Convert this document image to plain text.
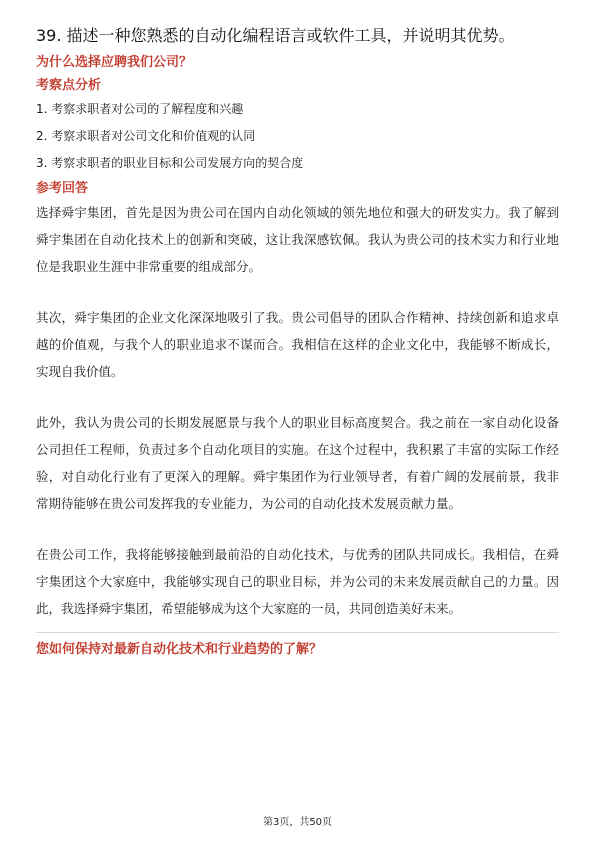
39. 描述一种您熟悉的自动化编程语言或软件工具，并说明其优势。
为什么选择应聘我们公司？
考察点分析
1. 考察求职者对公司的了解程度和兴趣
2. 考察求职者对公司文化和价值观的认同
3. 考察求职者的职业目标和公司发展方向的契合度
参考回答

选择舜宇集团，首先是因为贵公司在国内自动化领域的领先地位和强大的研发实力。我了解到舜宇集团在自动化技术上的创新和突破，这让我深感钦佩。我认为贵公司的技术实力和行业地位是我职业生涯中非常重要的组成部分。

其次，舜宇集团的企业文化深深地吸引了我。贵公司倡导的团队合作精神、持续创新和追求卓越的价值观，与我个人的职业追求不谋而合。我相信在这样的企业文化中，我能够不断成长，实现自我价值。

此外，我认为贵公司的长期发展愿景与我个人的职业目标高度契合。我之前在一家自动化设备公司担任工程师，负责过多个自动化项目的实施。在这个过程中，我积累了丰富的实际工作经验，对自动化行业有了更深入的理解。舜宇集团作为行业领导者，有着广阔的发展前景，我非常期待能够在贵公司发挥我的专业能力，为公司的自动化技术发展贡献力量。

在贵公司工作，我将能够接触到最前沿的自动化技术，与优秀的团队共同成长。我相信，在舜宇集团这个大家庭中，我能够实现自己的职业目标，并为公司的未来发展贡献自己的力量。因此，我选择舜宇集团，希望能够成为这个大家庭的一员，共同创造美好未来。

您如何保持对最新自动化技术和行业趋势的了解？
第3页，共50页
